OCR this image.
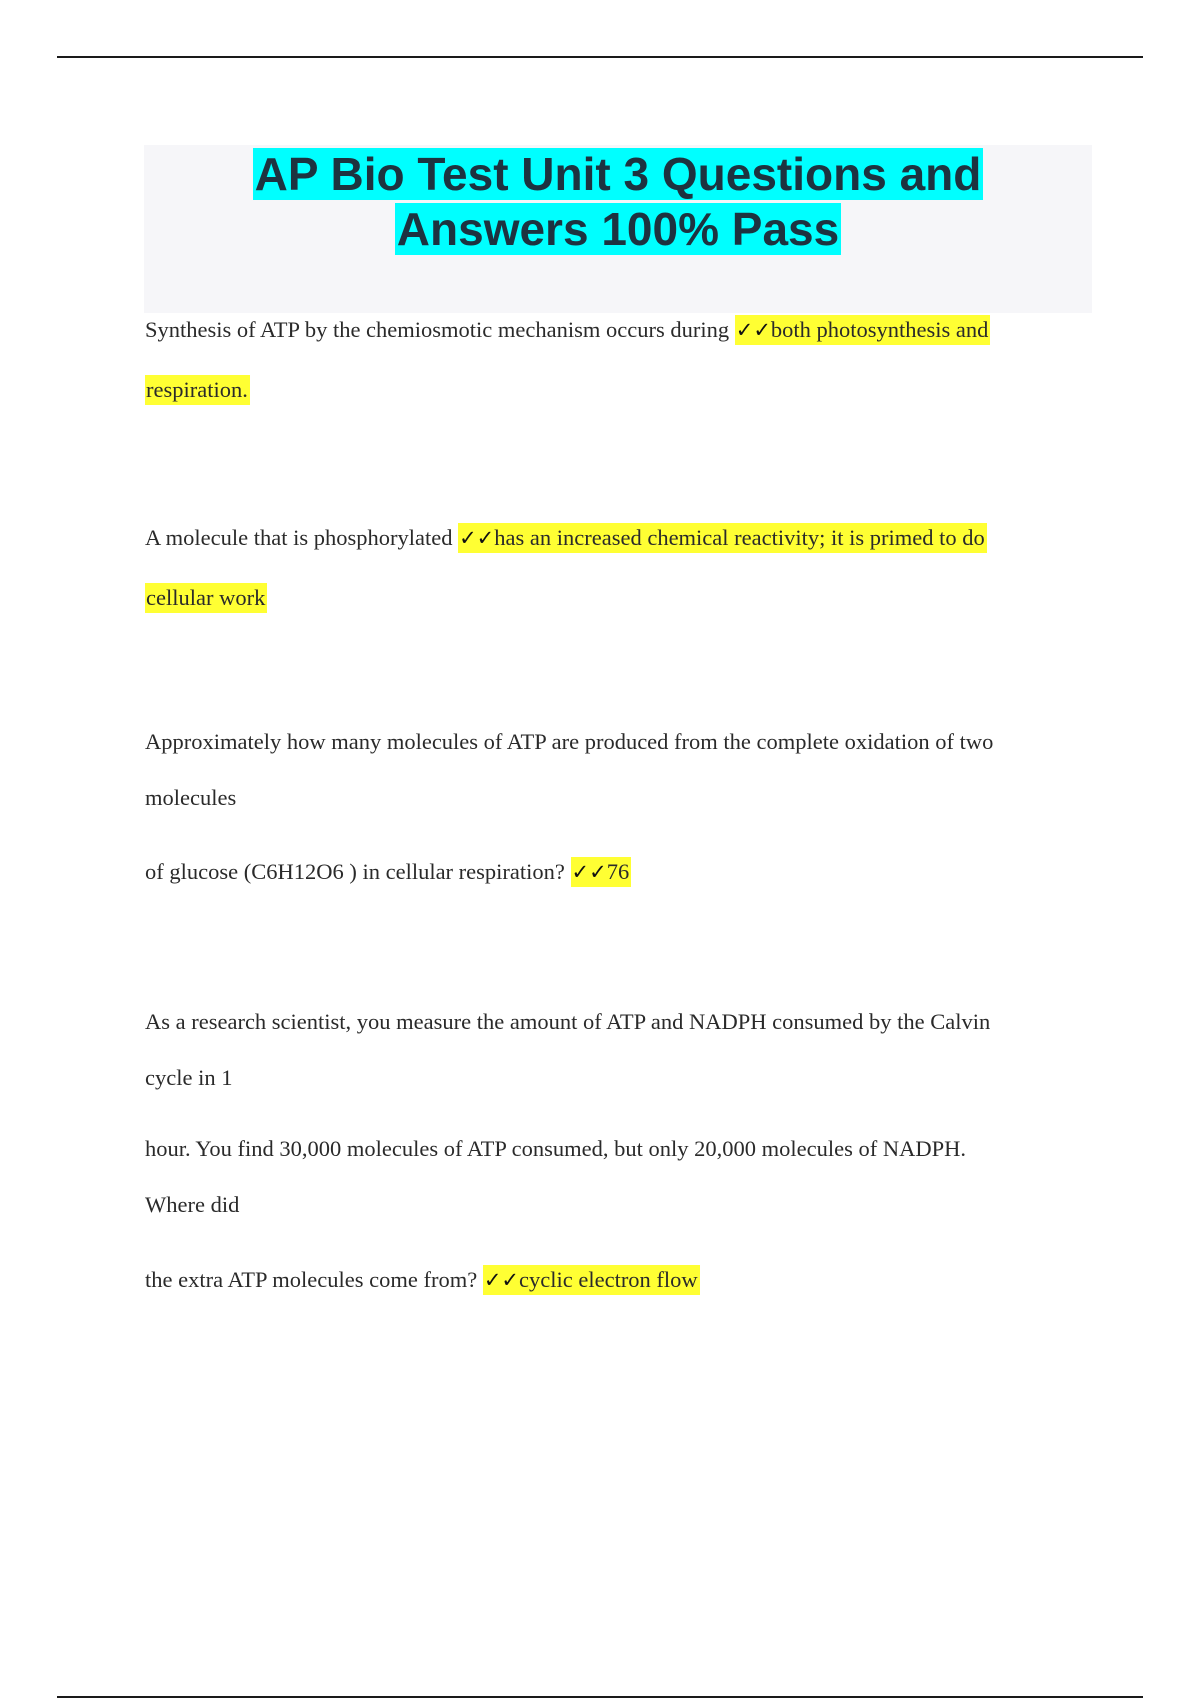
AP Bio Test Unit 3 Questions and
Answers 100% Pass
Synthesis of ATP by the chemiosmotic mechanism occurs during ✓✓both photosynthesis and
respiration.
A molecule that is phosphorylated ✓✓has an increased chemical reactivity; it is primed to do
cellular work
Approximately how many molecules of ATP are produced from the complete oxidation of two
molecules
of glucose (C6H12O6 ) in cellular respiration? ✓✓76
As a research scientist, you measure the amount of ATP and NADPH consumed by the Calvin
cycle in 1
hour. You find 30,000 molecules of ATP consumed, but only 20,000 molecules of NADPH.
Where did
the extra ATP molecules come from? ✓✓cyclic electron flow
